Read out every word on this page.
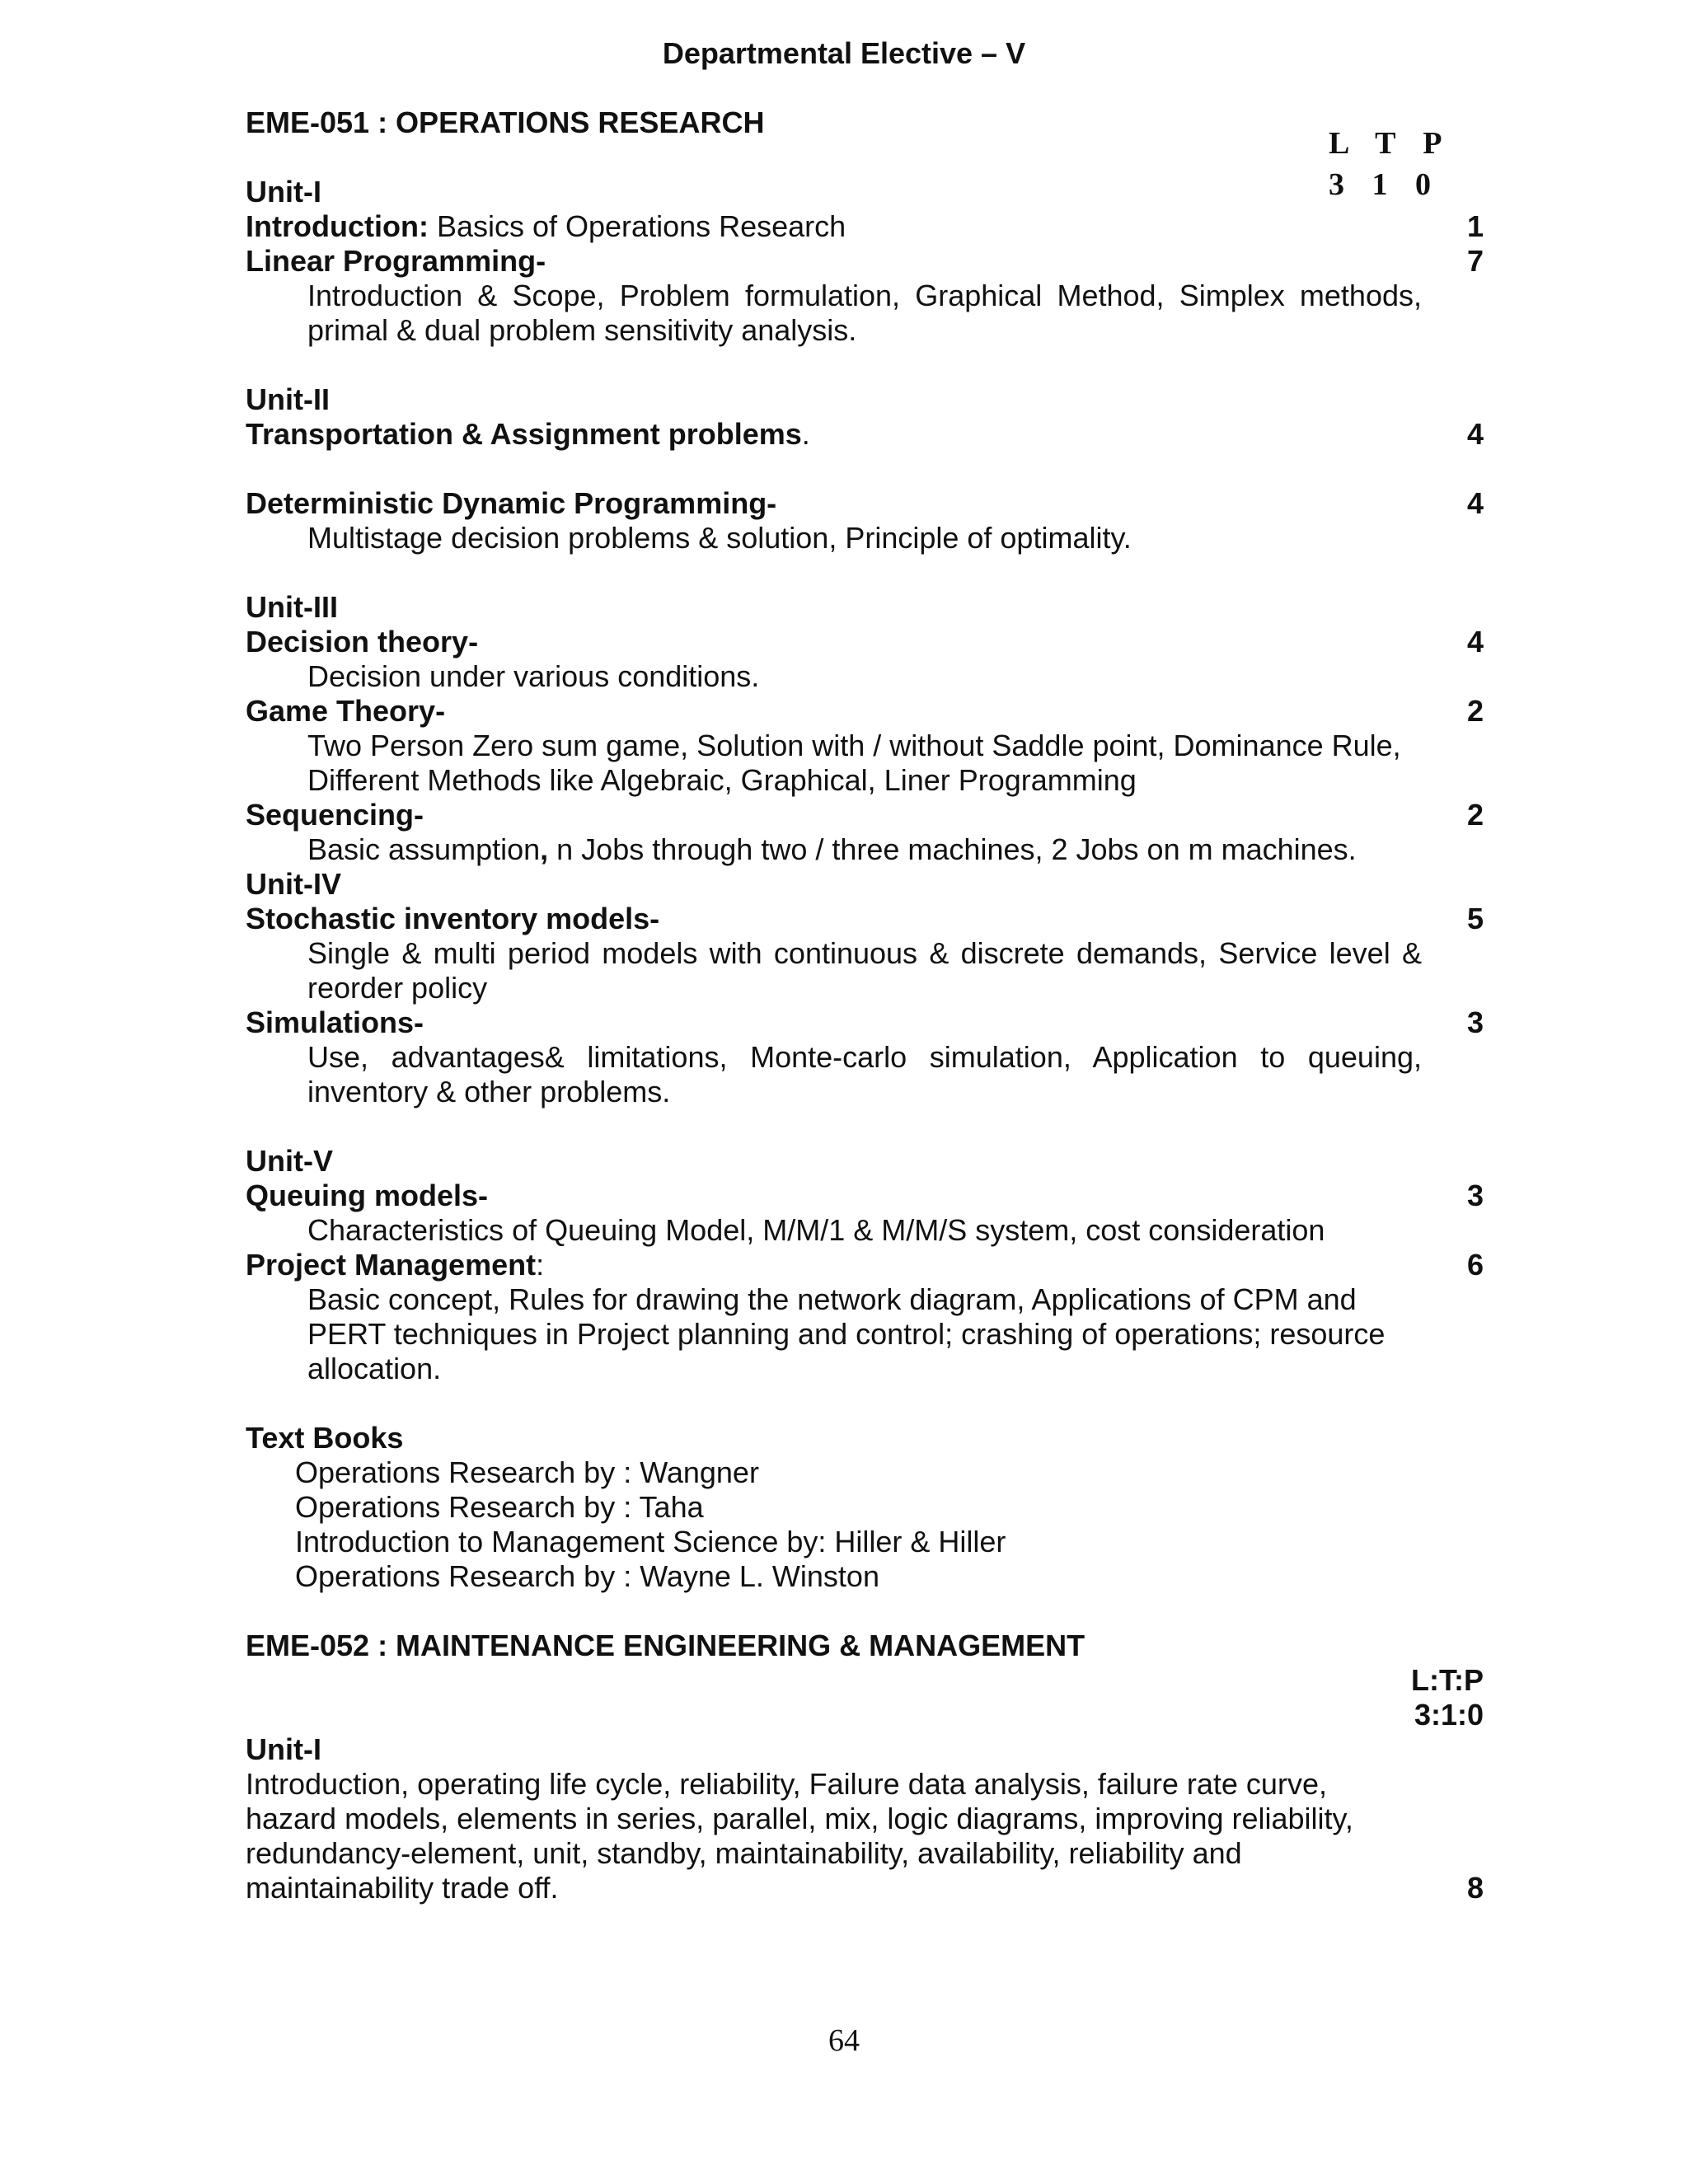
Departmental Elective – V
EME-051 : OPERATIONS RESEARCH
L T P
3 1 0
Unit-I
Introduction: Basics of Operations Research	1
Linear Programming-	7
Introduction & Scope, Problem formulation, Graphical Method, Simplex methods,
primal & dual problem sensitivity analysis.
Unit-II
Transportation & Assignment problems.	4
Deterministic Dynamic Programming-	4
Multistage decision problems & solution, Principle of optimality.
Unit-III
Decision theory-	4
Decision under various conditions.
Game Theory-	2
Two Person Zero sum game, Solution with / without Saddle point, Dominance Rule,
Different Methods like Algebraic, Graphical, Liner Programming
Sequencing-	2
Basic assumption, n Jobs through two / three machines, 2 Jobs on m machines.
Unit-IV
Stochastic inventory models-	5
Single & multi period models with continuous & discrete demands, Service level &
reorder policy
Simulations-	3
Use, advantages& limitations, Monte-carlo simulation, Application to queuing,
inventory & other problems.
Unit-V
Queuing models-	3
Characteristics of Queuing Model, M/M/1 & M/M/S system, cost consideration
Project Management:	6
Basic concept, Rules for drawing the network diagram, Applications of CPM and
PERT techniques in Project planning and control; crashing of operations; resource
allocation.
Text Books
Operations Research by : Wangner
Operations Research by : Taha
Introduction to Management Science by: Hiller & Hiller
Operations Research by : Wayne L. Winston
EME-052 : MAINTENANCE ENGINEERING & MANAGEMENT
L:T:P
3:1:0
Unit-I
Introduction, operating life cycle, reliability, Failure data analysis, failure rate curve,
hazard models, elements in series, parallel, mix, logic diagrams, improving reliability,
redundancy-element, unit, standby, maintainability, availability, reliability and
maintainability trade off.	8
64
